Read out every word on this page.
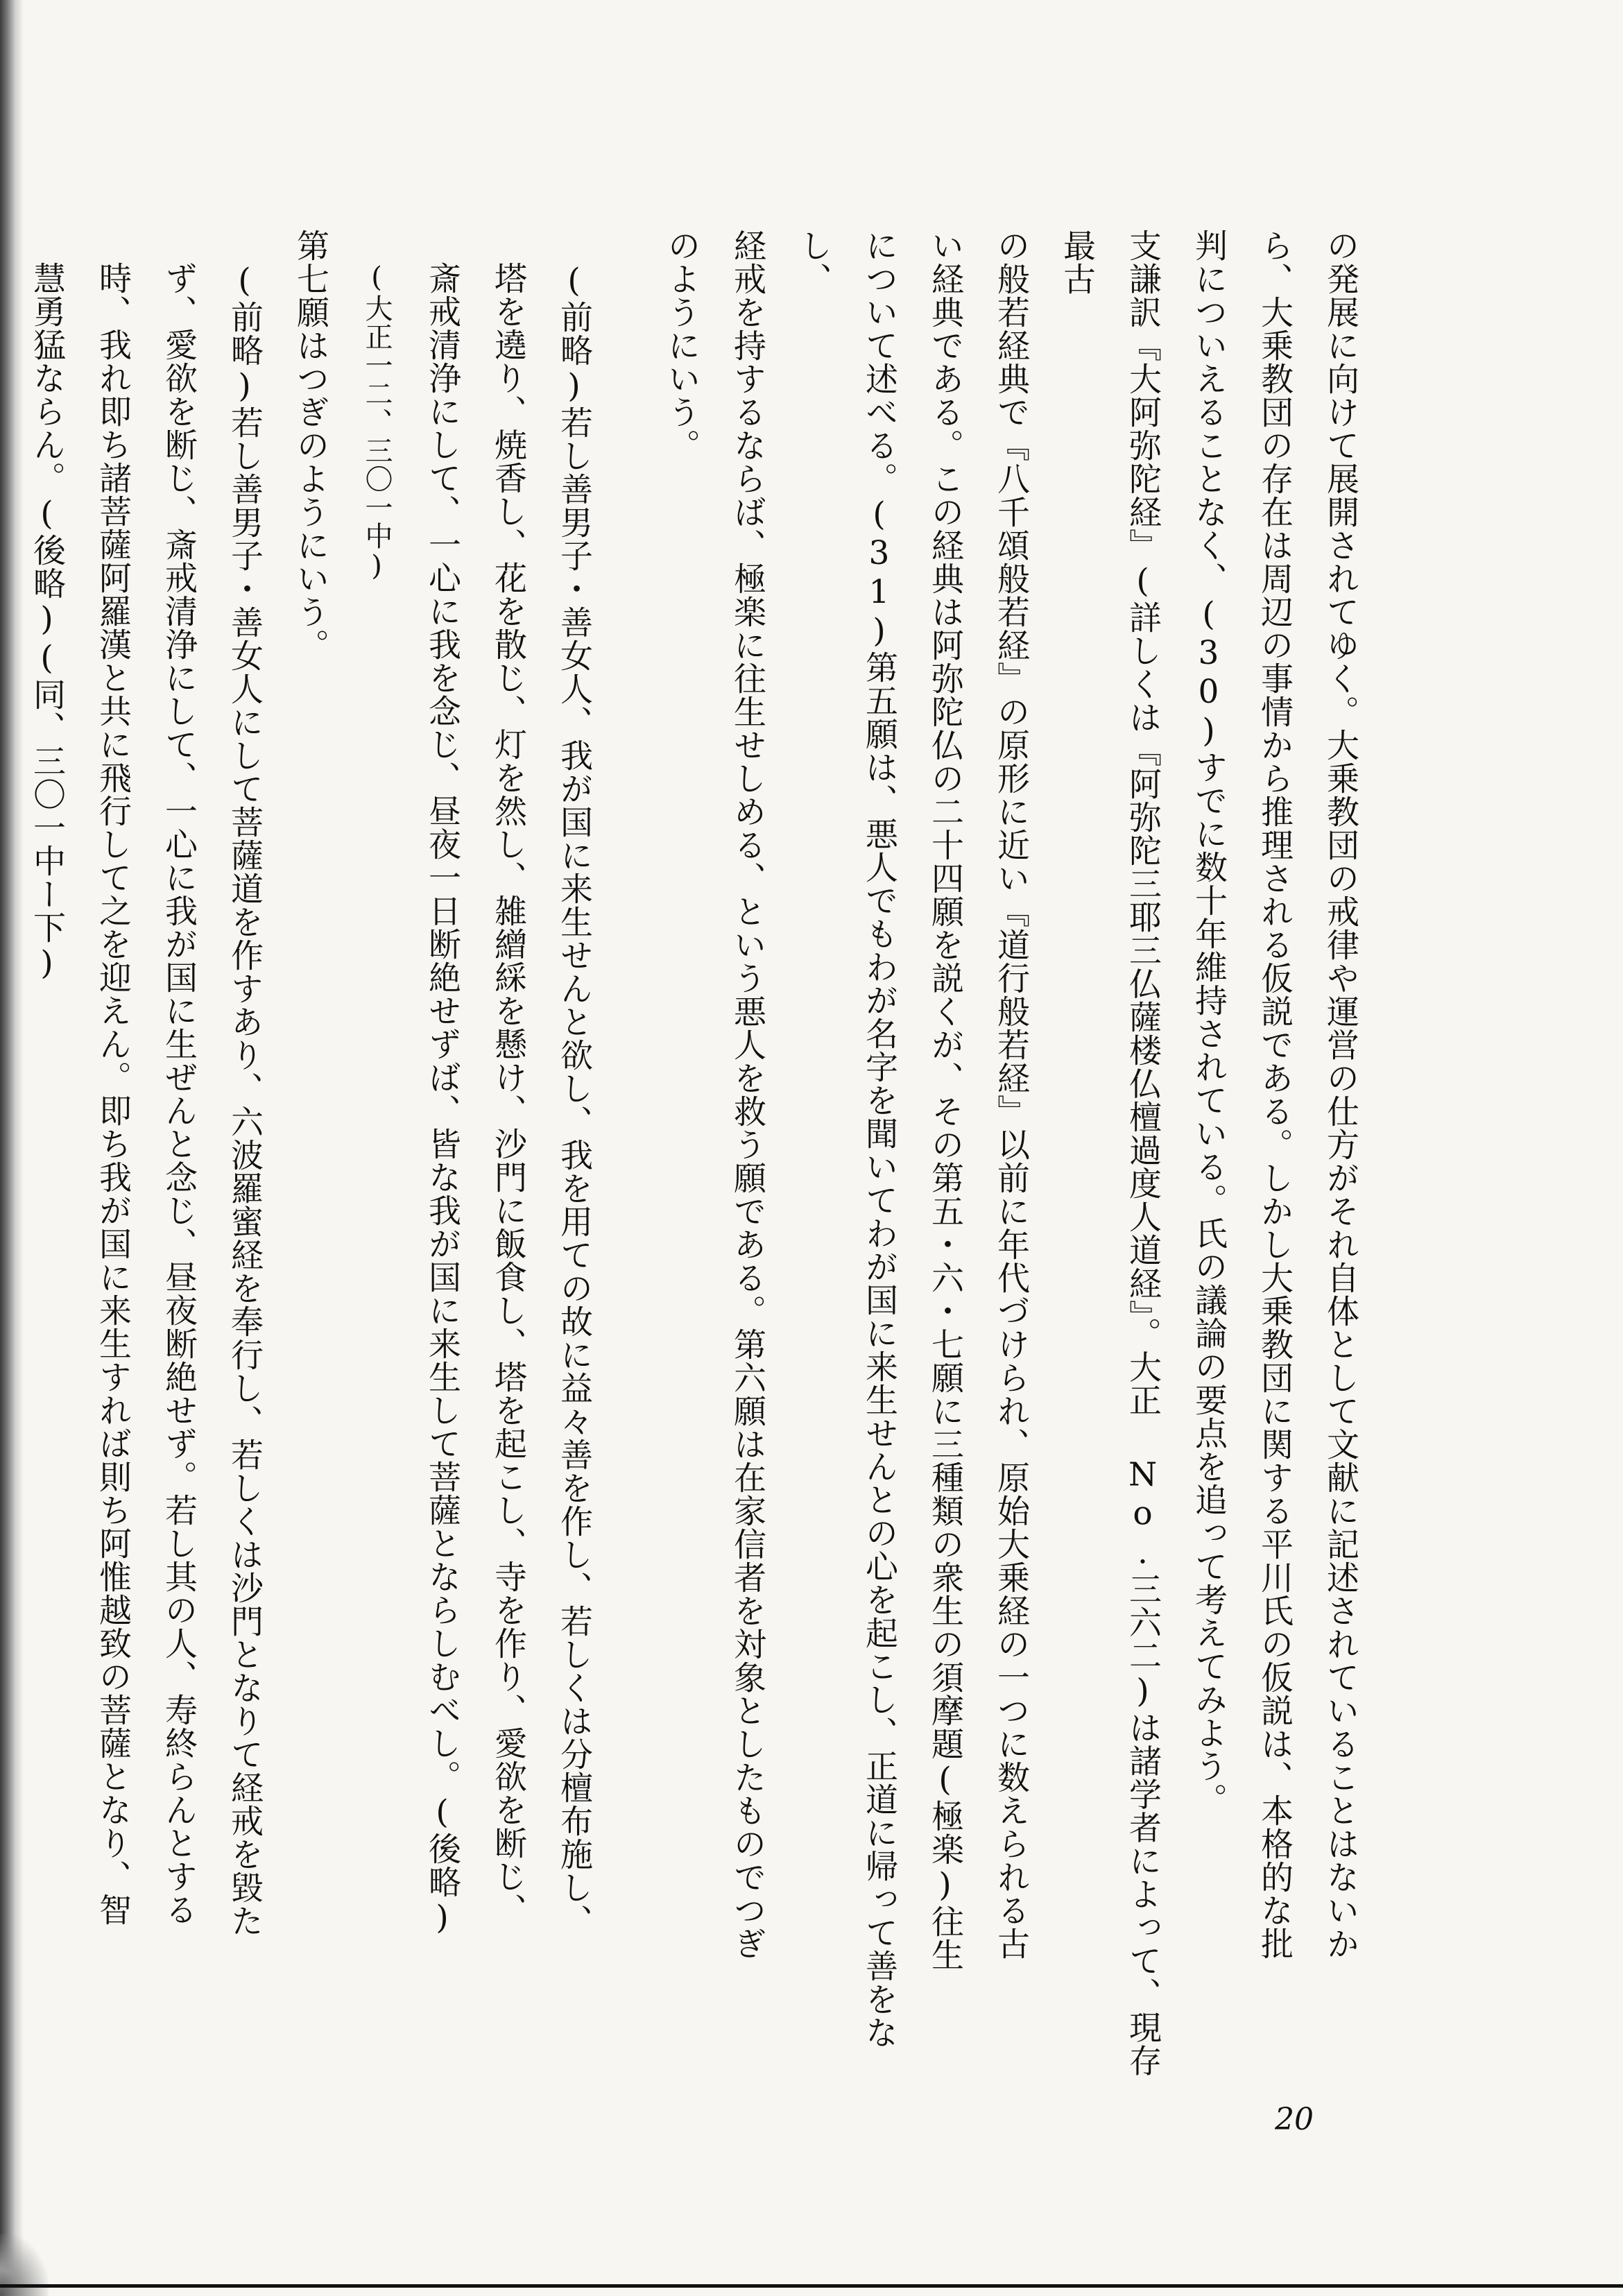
の発展に向けて展開されてゆく。大乗教団の戒律や運営の仕方がそれ自体として文献に記述されていることはないか

ら、大乗教団の存在は周辺の事情から推理される仮説である。しかし大乗教団に関する平川氏の仮説は、本格的な批

判についえることなく、(30)すでに数十年維持されている。氏の議論の要点を追って考えてみよう。

支謙訳『大阿弥陀経』(詳しくは『阿弥陀三耶三仏薩楼仏檀過度人道経』。大正 No.三六二)は諸学者によって、現存最古

の般若経典で『八千頌般若経』の原形に近い『道行般若経』以前に年代づけられ、原始大乗経の一つに数えられる古

い経典である。この経典は阿弥陀仏の二十四願を説くが、その第五・六・七願に三種類の衆生の須摩題(極楽)往生

について述べる。(31)第五願は、悪人でもわが名字を聞いてわが国に来生せんとの心を起こし、正道に帰って善をなし、

経戒を持するならば、極楽に往生せしめる、という悪人を救う願である。第六願は在家信者を対象としたものでつぎ

のようにいう。

(前略)若し善男子・善女人、我が国に来生せんと欲し、我を用ての故に益々善を作し、若しくは分檀布施し、

塔を遶り、焼香し、花を散じ、灯を然し、雑繒綵を懸け、沙門に飯食し、塔を起こし、寺を作り、愛欲を断じ、

斎戒清浄にして、一心に我を念じ、昼夜一日断絶せずば、皆な我が国に来生して菩薩とならしむべし。(後略)

(大正一二、三〇一中)

第七願はつぎのようにいう。

(前略)若し善男子・善女人にして菩薩道を作すあり、六波羅蜜経を奉行し、若しくは沙門となりて経戒を毀た

ず、愛欲を断じ、斎戒清浄にして、一心に我が国に生ぜんと念じ、昼夜断絶せず。若し其の人、寿終らんとする

時、我れ即ち諸菩薩阿羅漢と共に飛行して之を迎えん。即ち我が国に来生すれば則ち阿惟越致の菩薩となり、智

慧勇猛ならん。(後略)(同、三〇一中ー下)

20
